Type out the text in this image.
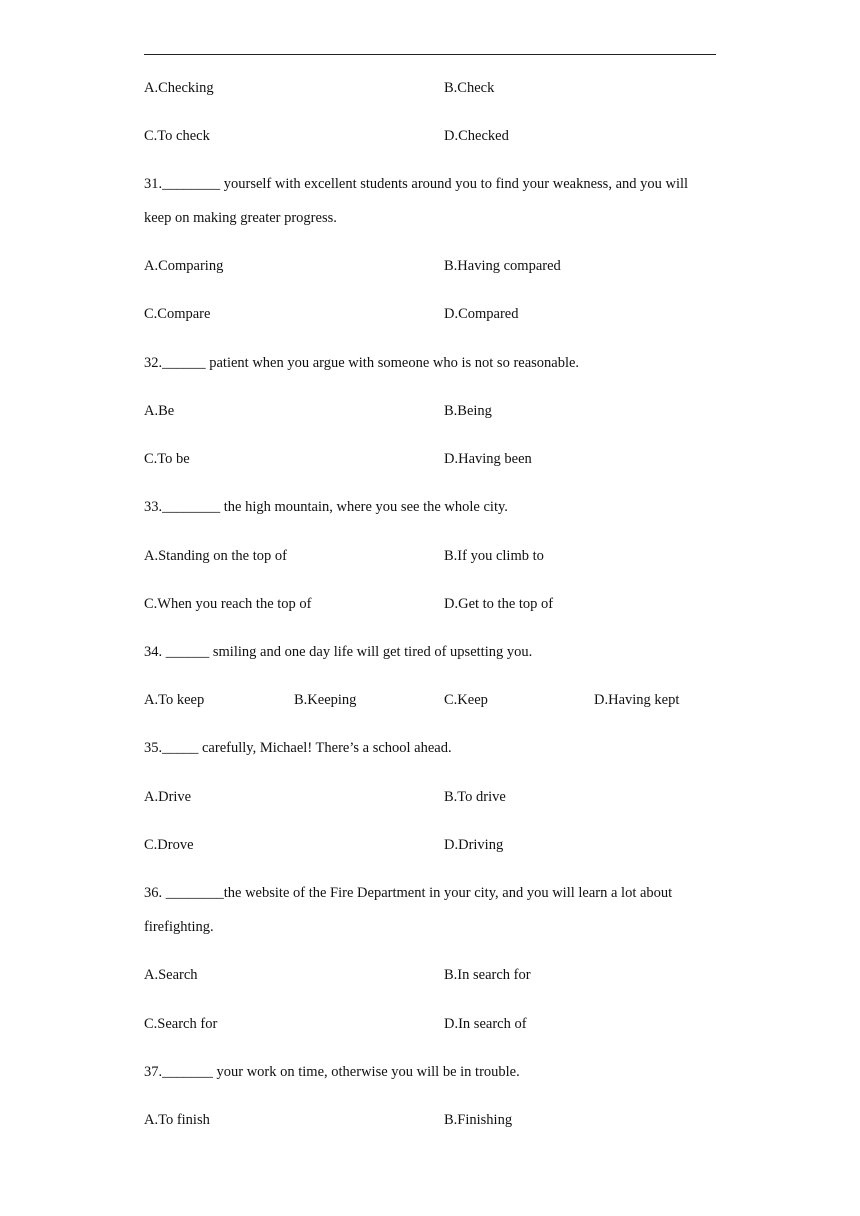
A.Checking	B.Check
C.To check	D.Checked
31.________ yourself with excellent students around you to find your weakness, and you will
keep on making greater progress.
A.Comparing	B.Having compared
C.Compare	D.Compared
32.______ patient when you argue with someone who is not so reasonable.
A.Be	B.Being
C.To be	D.Having been
33.________ the high mountain, where you see the whole city.
A.Standing on the top of	B.If you climb to
C.When you reach the top of	D.Get to the top of
34. ______ smiling and one day life will get tired of upsetting you.
A.To keep	B.Keeping	C.Keep	D.Having kept
35._____ carefully, Michael! There’s a school ahead.
A.Drive	B.To drive
C.Drove	D.Driving
36. ________the website of the Fire Department in your city, and you will learn a lot about
firefighting.
A.Search	B.In search for
C.Search for	D.In search of
37._______ your work on time, otherwise you will be in trouble.
A.To finish	B.Finishing
